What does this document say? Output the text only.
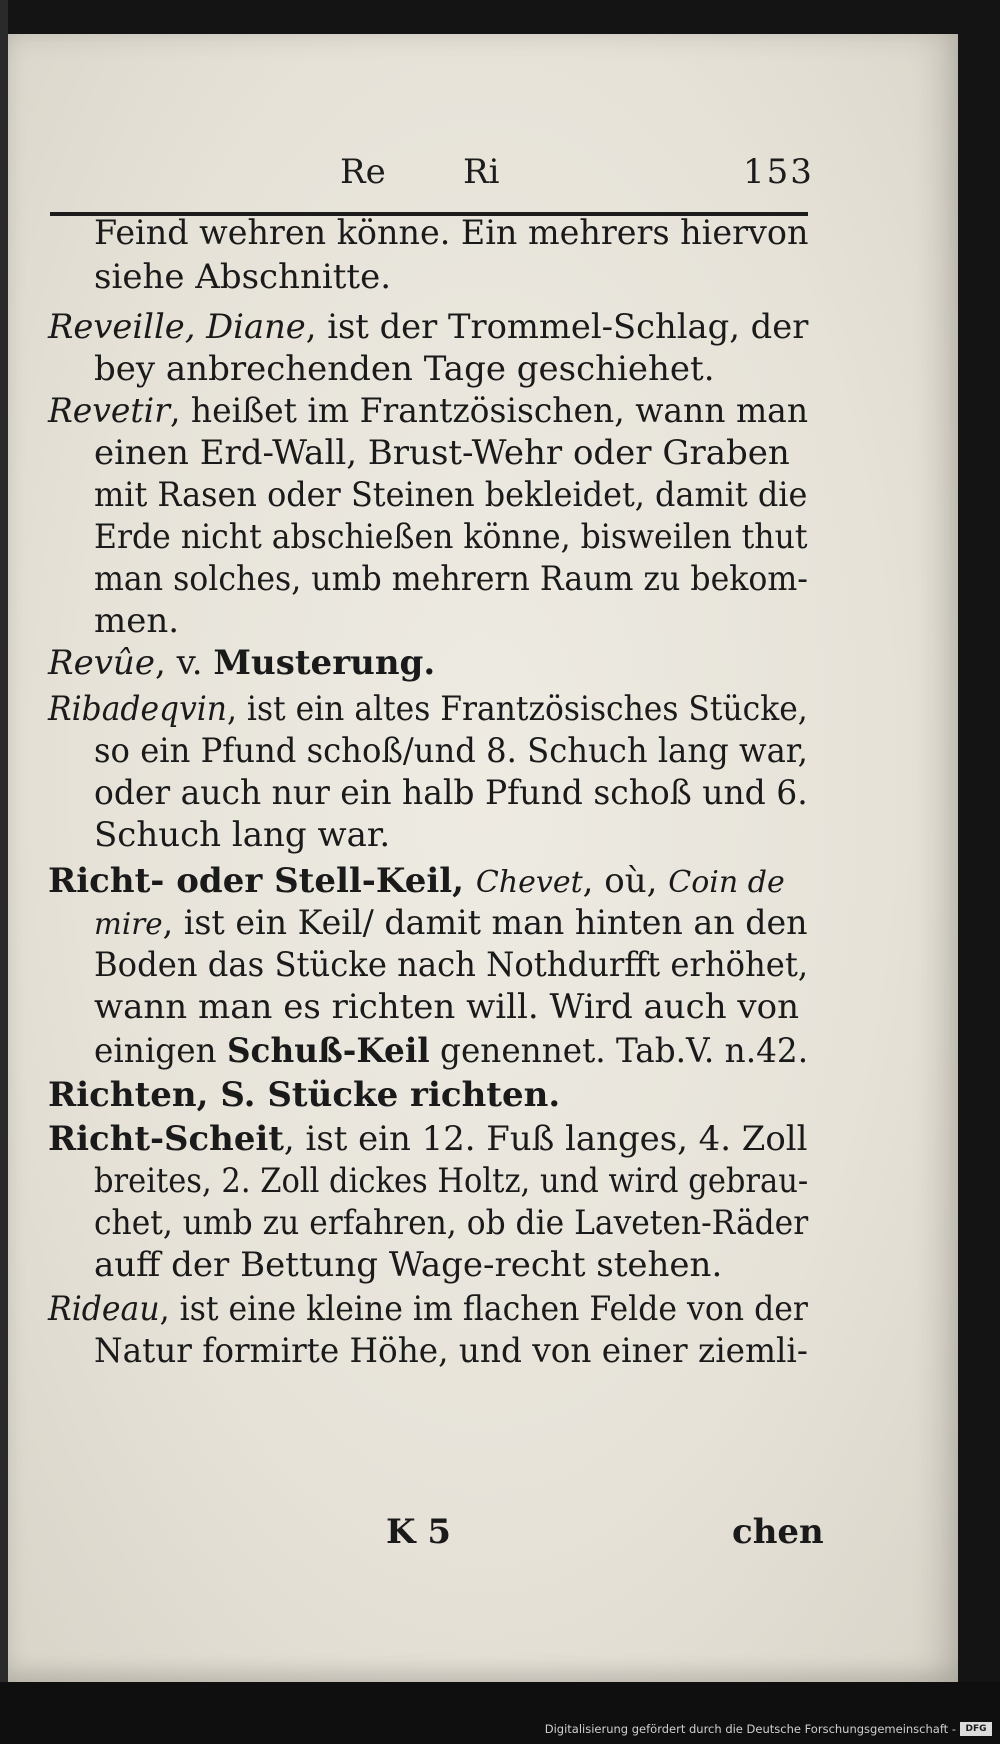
Re Ri	153
Feind wehren könne. Ein mehrers hiervon
siehe Abschnitte.
Reveille, Diane, ist der Trommel-Schlag, der
bey anbrechenden Tage geschiehet.
Revetir, heißet im Frantzösischen, wann man
einen Erd-Wall, Brust-Wehr oder Graben
mit Rasen oder Steinen bekleidet, damit die
Erde nicht abschießen könne, bisweilen thut
man solches, umb mehrern Raum zu bekom-
men.
Revûe, v. Musterung.
Ribadeqvin, ist ein altes Frantzösisches Stücke,
so ein Pfund schoß/und 8. Schuch lang war,
oder auch nur ein halb Pfund schoß und 6.
Schuch lang war.
Richt- oder Stell-Keil, Chevet, où, Coin de
mire, ist ein Keil/ damit man hinten an den
Boden das Stücke nach Nothdurfft erhöhet,
wann man es richten will. Wird auch von
einigen Schuß-Keil genennet. Tab.V. n.42.
Richten, S. Stücke richten.
Richt-Scheit, ist ein 12. Fuß langes, 4. Zoll
breites, 2. Zoll dickes Holtz, und wird gebrau-
chet, umb zu erfahren, ob die Laveten-Räder
auff der Bettung Wage-recht stehen.
Rideau, ist eine kleine im flachen Felde von der
Natur formirte Höhe, und von einer ziemli-
K 5	chen
Digitalisierung gefördert durch die Deutsche Forschungsgemeinschaft -	DFG
